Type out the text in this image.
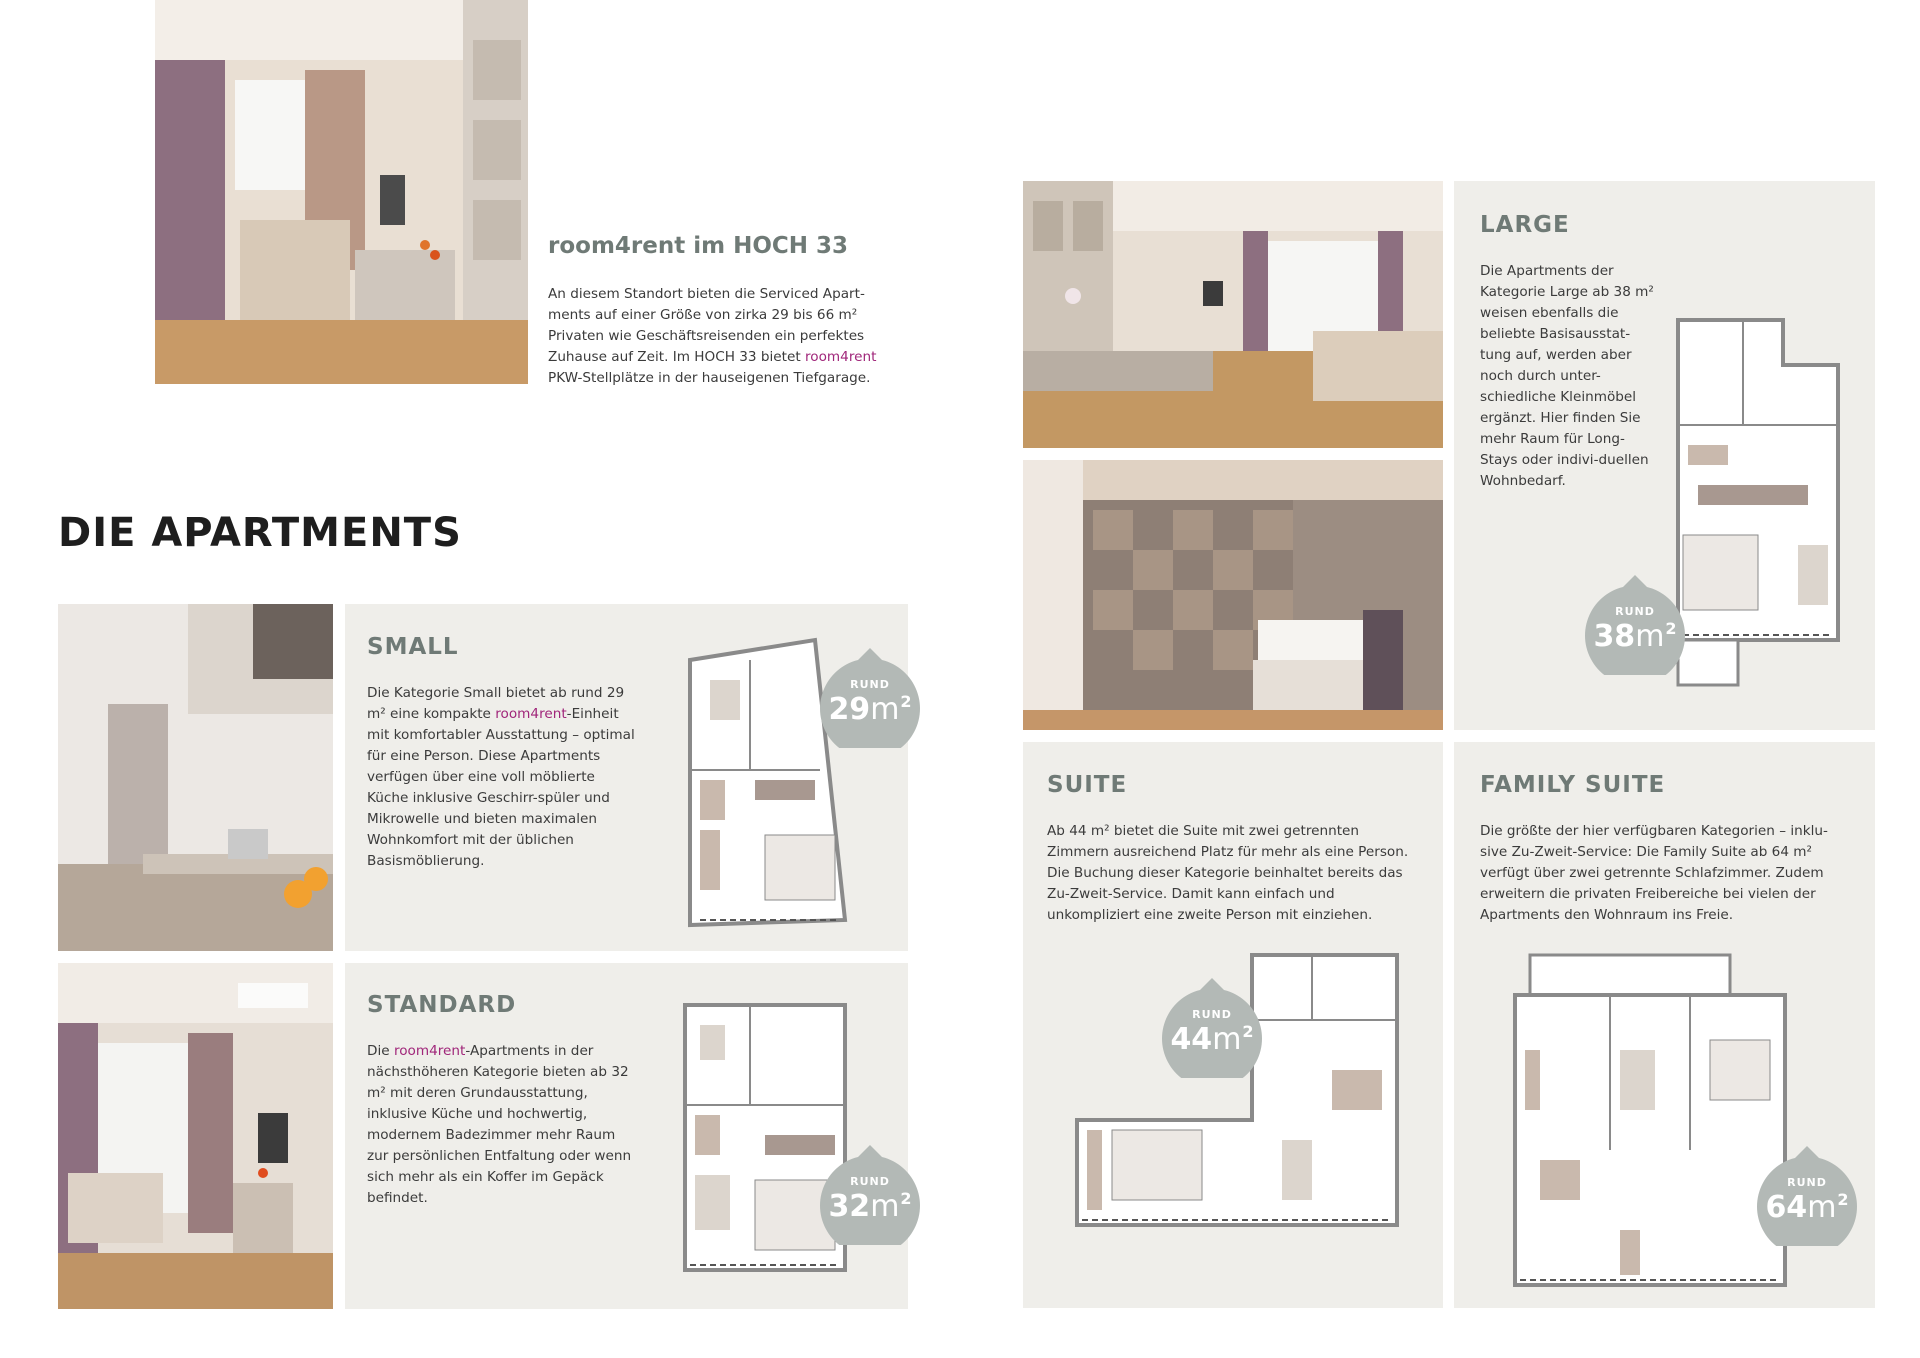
room4rent im HOCH 33
An diesem Standort bieten die Serviced Apart-ments auf einer Größe von zirka 29 bis 66 m² Privaten wie Geschäftsreisenden ein perfektes Zuhause auf Zeit. Im HOCH 33 bietet room4rent PKW-Stellplätze in der hauseigenen Tiefgarage.
DIE APARTMENTS
SMALL
Die Kategorie Small bietet ab rund 29 m² eine kompakte room4rent-Einheit mit komfortabler Ausstattung – optimal für eine Person. Diese Apartments verfügen über eine voll möblierte Küche inklusive Geschirr-spüler und Mikrowelle und bieten maximalen Wohnkomfort mit der üblichen Basismöblierung.
RUND
$29m^2$
STANDARD
Die room4rent-Apartments in der nächsthöheren Kategorie bieten ab 32 m² mit deren Grundausstattung, inklusive Küche und hochwertig, modernem Badezimmer mehr Raum zur persönlichen Entfaltung oder wenn sich mehr als ein Koffer im Gepäck befindet.
RUND
$32m^2$
LARGE
Die Apartments der Kategorie Large ab 38 m² weisen ebenfalls die beliebte Basisausstat-tung auf, werden aber noch durch unter-schiedliche Kleinmöbel ergänzt. Hier finden Sie mehr Raum für Long-Stays oder indivi-duellen Wohnbedarf.
RUND
$38m^2$
SUITE
Ab 44 m² bietet die Suite mit zwei getrennten Zimmern ausreichend Platz für mehr als eine Person. Die Buchung dieser Kategorie beinhaltet bereits das Zu-Zweit-Service. Damit kann einfach und unkompliziert eine zweite Person mit einziehen.
RUND
$44m^2$
FAMILY SUITE
Die größte der hier verfügbaren Kategorien – inklu-sive Zu-Zweit-Service: Die Family Suite ab 64 m² verfügt über zwei getrennte Schlafzimmer. Zudem erweitern die privaten Freibereiche bei vielen der Apartments den Wohnraum ins Freie.
RUND
$64m^2$
